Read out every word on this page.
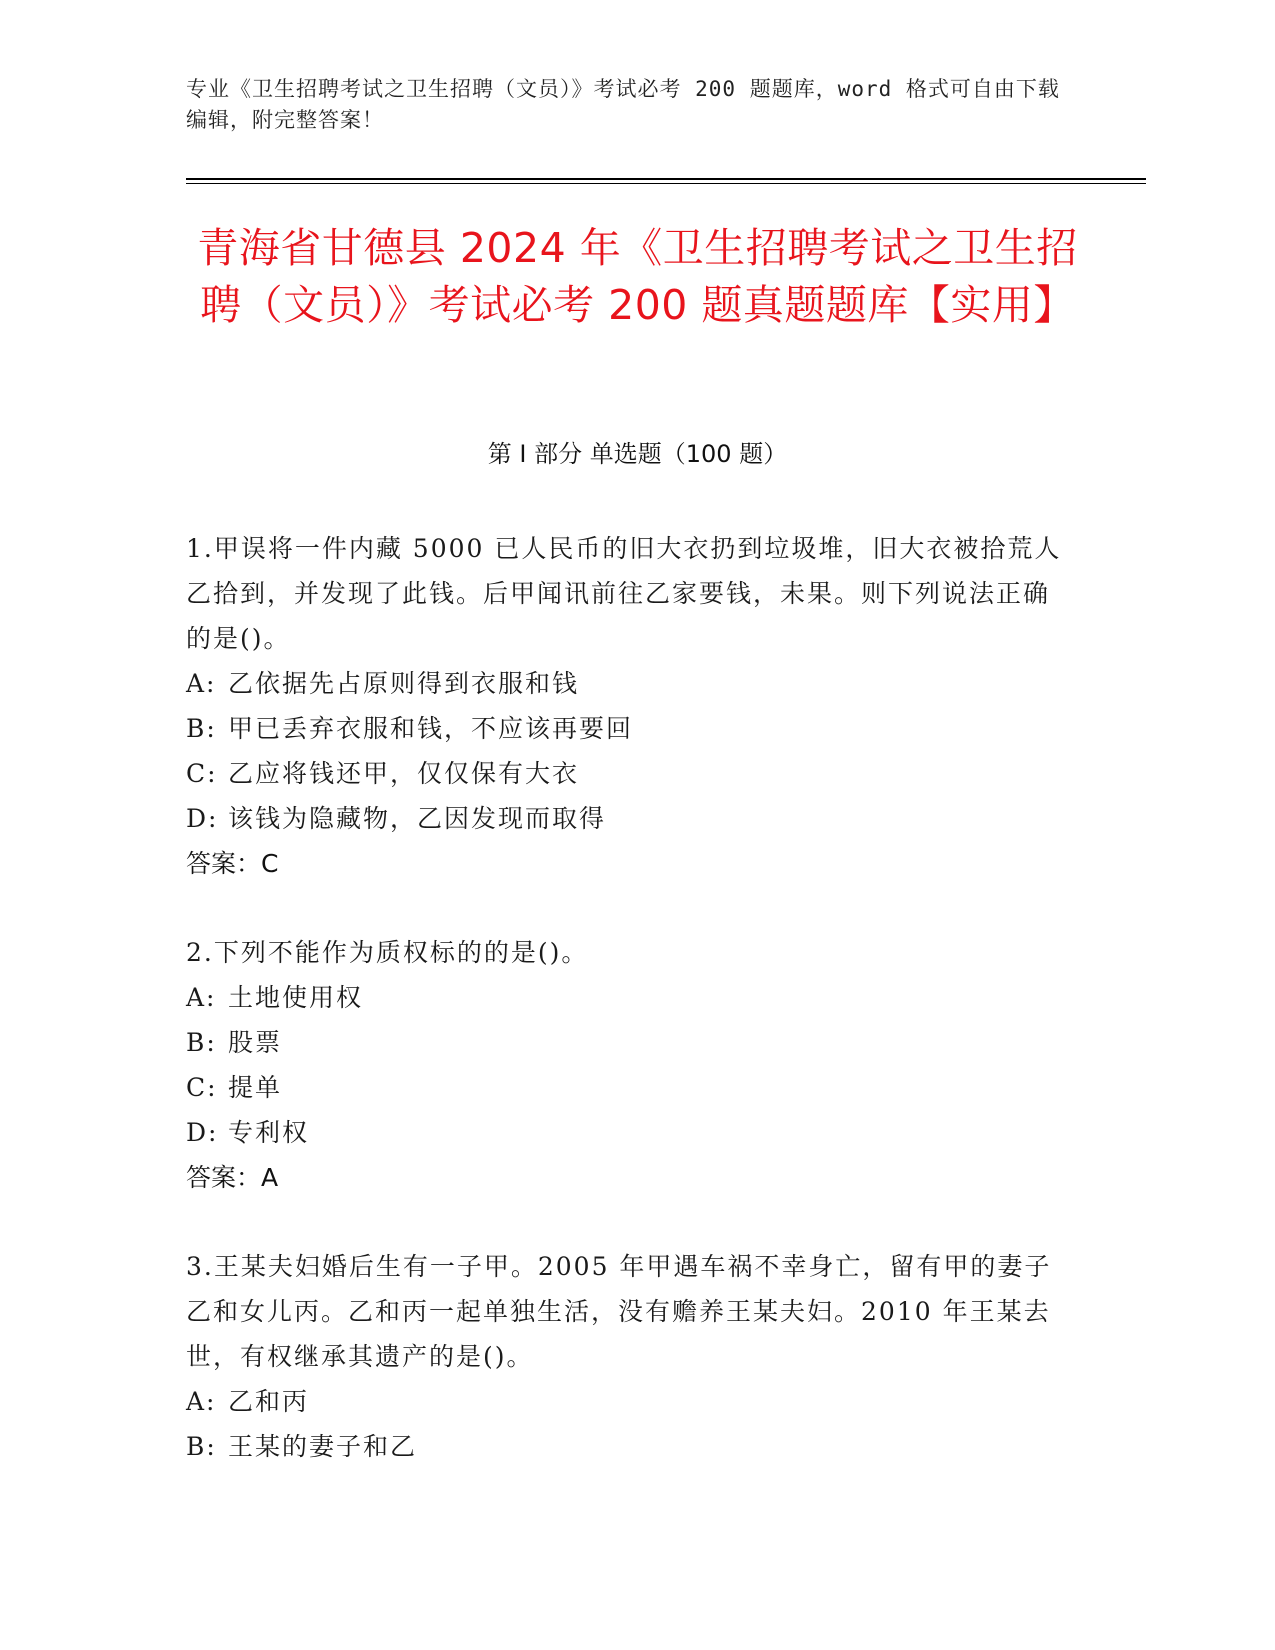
专业《卫生招聘考试之卫生招聘（文员）》考试必考 200 题题库，word 格式可自由下载编辑，附完整答案！
青海省甘德县 2024 年《卫生招聘考试之卫生招聘（文员）》考试必考 200 题真题题库【实用】
第 I 部分 单选题（100 题）

1.甲误将一件内藏 5000 已人民币的旧大衣扔到垃圾堆，旧大衣被拾荒人乙拾到，并发现了此钱。后甲闻讯前往乙家要钱，未果。则下列说法正确的是()。

A: 乙依据先占原则得到衣服和钱

B: 甲已丢弃衣服和钱，不应该再要回

C: 乙应将钱还甲，仅仅保有大衣

D: 该钱为隐藏物，乙因发现而取得

答案：C

2.下列不能作为质权标的的是()。

A: 土地使用权

B: 股票

C: 提单

D: 专利权

答案：A

3.王某夫妇婚后生有一子甲。2005 年甲遇车祸不幸身亡，留有甲的妻子乙和女儿丙。乙和丙一起单独生活，没有赡养王某夫妇。2010 年王某去世，有权继承其遗产的是()。

A: 乙和丙

B: 王某的妻子和乙
